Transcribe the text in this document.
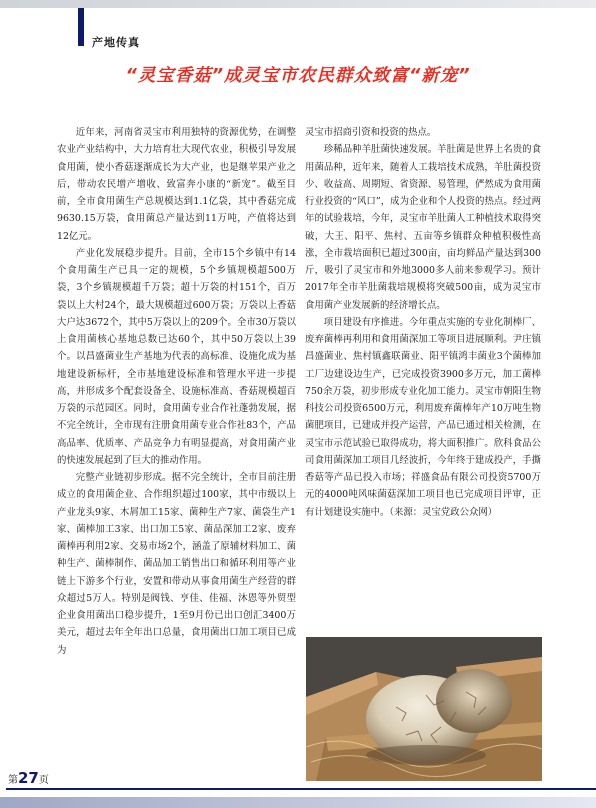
产地传真
“灵宝香菇”成灵宝市农民群众致富“新宠”

近年来，河南省灵宝市利用独特的资源优势，在调整农业产业结构中，大力培育壮大现代农业，积极引导发展食用菌，使小香菇逐渐成长为大产业，也是继苹果产业之后，带动农民增产增收、致富奔小康的“新宠”。截至目前，全市食用菌生产总规模达到1.1亿袋，其中香菇完成9630.15万袋，食用菌总产量达到11万吨，产值将达到12亿元。

产业化发展稳步提升。目前，全市15个乡镇中有14个食用菌生产已具一定的规模，5个乡镇规模超500万袋，3个乡镇规模超千万袋；超十万袋的村151个，百万袋以上大村24个，最大规模超过600万袋；万袋以上香菇大户达3672个，其中5万袋以上的209个。全市30万袋以上食用菌核心基地总数已达60个，其中50万袋以上39个。以昌盛菌业生产基地为代表的高标准、设施化成为基地建设新标杆，全市基地建设标准和管理水平进一步提高，并形成多个配套设备全、设施标准高、香菇规模超百万袋的示范园区。同时，食用菌专业合作社蓬勃发展，据不完全统计，全市现有注册食用菌专业合作社83个，产品高品率、优质率、产品竞争力有明显提高，对食用菌产业的快速发展起到了巨大的推动作用。

完整产业链初步形成。据不完全统计，全市目前注册成立的食用菌企业、合作组织超过100家，其中市级以上产业龙头9家、木屑加工15家、菌种生产7家、菌袋生产1家、菌棒加工3家、出口加工5家、菌品深加工2家、废弃菌棒再利用2家、交易市场2个，涵盖了原辅材料加工、菌种生产、菌棒制作、菌品加工销售出口和循环利用等产业链上下游多个行业，安置和带动从事食用菌生产经营的群众超过5万人。特别是阀钱、亨佳、佳福、沐恩等外贸型企业食用菌出口稳步提升，1至9月份已出口创汇3400万美元，超过去年全年出口总量，食用菌出口加工项目已成为

灵宝市招商引资和投资的热点。

珍稀品种羊肚菌快速发展。羊肚菌是世界上名贵的食用菌品种，近年来，随着人工栽培技术成熟，羊肚菌投资少、收益高、周期短、省资源、易管理，俨然成为食用菌行业投资的“风口”，成为企业和个人投资的热点。经过两年的试验栽培，今年，灵宝市羊肚菌人工种植技术取得突破，大王、阳平、焦村、五亩等乡镇群众种植积极性高涨，全市栽培面积已超过300亩，亩均鲜品产量达到300斤，吸引了灵宝市和外地3000多人前来参观学习。预计2017年全市羊肚菌栽培规模将突破500亩，成为灵宝市食用菌产业发展新的经济增长点。

项目建设有序推进。今年重点实施的专业化制棒厂、废弃菌棒再利用和食用菌深加工等项目进展顺利。尹庄镇昌盛菌业、焦村镇鑫联菌业、阳平镇鸿丰菌业3个菌棒加工厂边建设边生产，已完成投资3900多万元，加工菌棒750余万袋，初步形成专业化加工能力。灵宝市朝阳生物科技公司投资6500万元，利用废弃菌棒年产10万吨生物菌肥项目，已建成并投产运营，产品已通过相关检测，在灵宝市示范试验已取得成功，将大面积推广。欣科食品公司食用菌深加工项目几经波折，今年终于建成投产，手撕香菇等产品已投入市场；祥盛食品有限公司投资5700万元的4000吨风味菌菇深加工项目也已完成项目评审，正有计划建设实施中。（来源：灵宝党政公众网）

第27页
